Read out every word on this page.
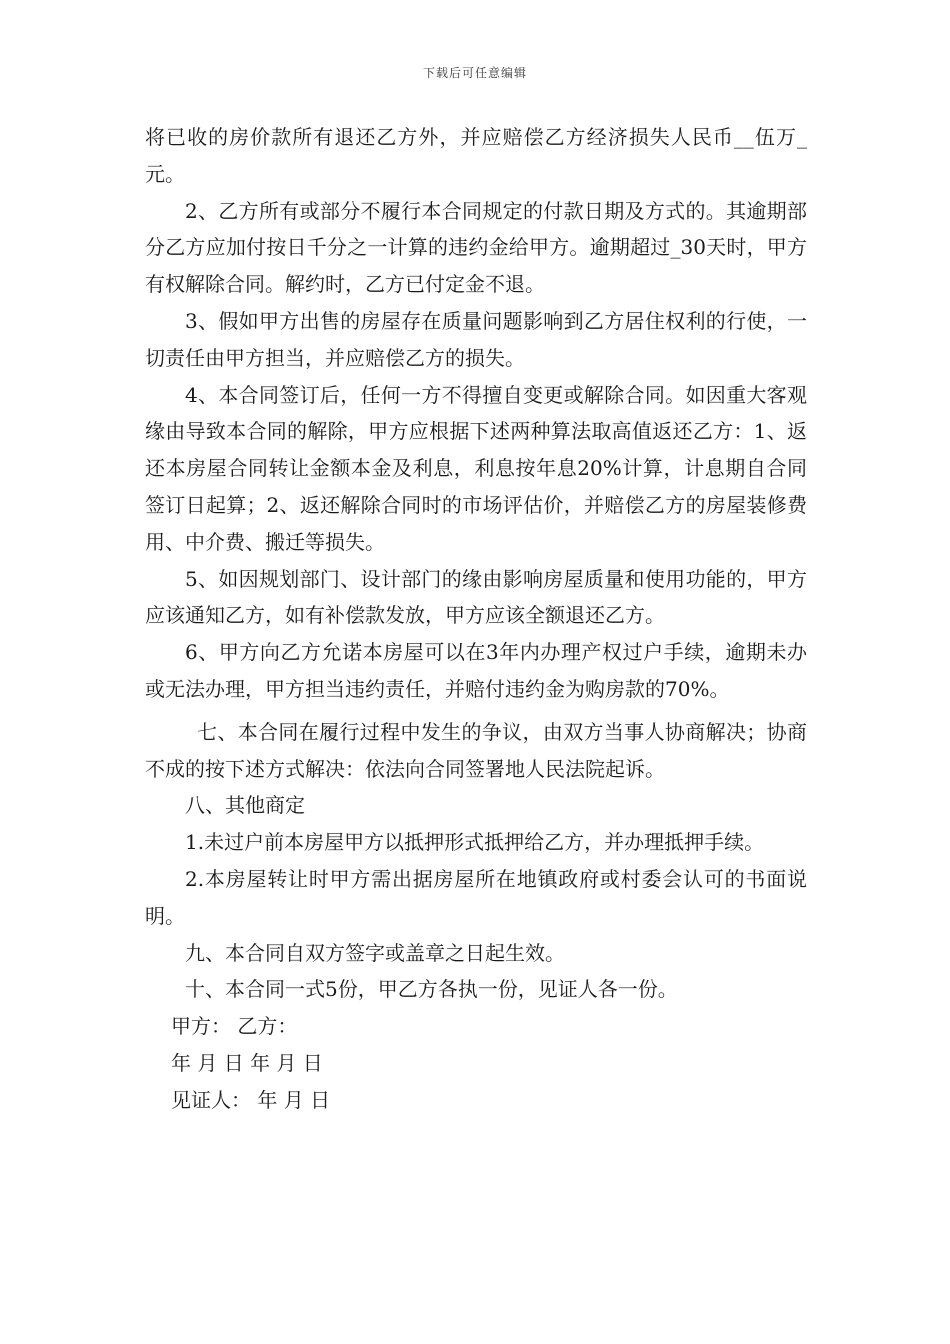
下载后可任意编辑

将已收的房价款所有退还乙方外，并应赔偿乙方经济损失人民币__伍万_元。

2、乙方所有或部分不履行本合同规定的付款日期及方式的。其逾期部分乙方应加付按日千分之一计算的违约金给甲方。逾期超过_30天时，甲方有权解除合同。解约时，乙方已付定金不退。

3、假如甲方出售的房屋存在质量问题影响到乙方居住权利的行使，一切责任由甲方担当，并应赔偿乙方的损失。

4、本合同签订后，任何一方不得擅自变更或解除合同。如因重大客观缘由导致本合同的解除，甲方应根据下述两种算法取高值返还乙方：1、返还本房屋合同转让金额本金及利息，利息按年息20%计算，计息期自合同签订日起算；2、返还解除合同时的市场评估价，并赔偿乙方的房屋装修费用、中介费、搬迁等损失。

5、如因规划部门、设计部门的缘由影响房屋质量和使用功能的，甲方应该通知乙方，如有补偿款发放，甲方应该全额退还乙方。

6、甲方向乙方允诺本房屋可以在3年内办理产权过户手续，逾期未办或无法办理，甲方担当违约责任，并赔付违约金为购房款的70%。

七、本合同在履行过程中发生的争议，由双方当事人协商解决；协商不成的按下述方式解决：依法向合同签署地人民法院起诉。

八、其他商定

1.未过户前本房屋甲方以抵押形式抵押给乙方，并办理抵押手续。

2.本房屋转让时甲方需出据房屋所在地镇政府或村委会认可的书面说明。

九、本合同自双方签字或盖章之日起生效。

十、本合同一式5份，甲乙方各执一份，见证人各一份。

甲方： 乙方：

年 月 日 年 月 日

见证人： 年 月 日
